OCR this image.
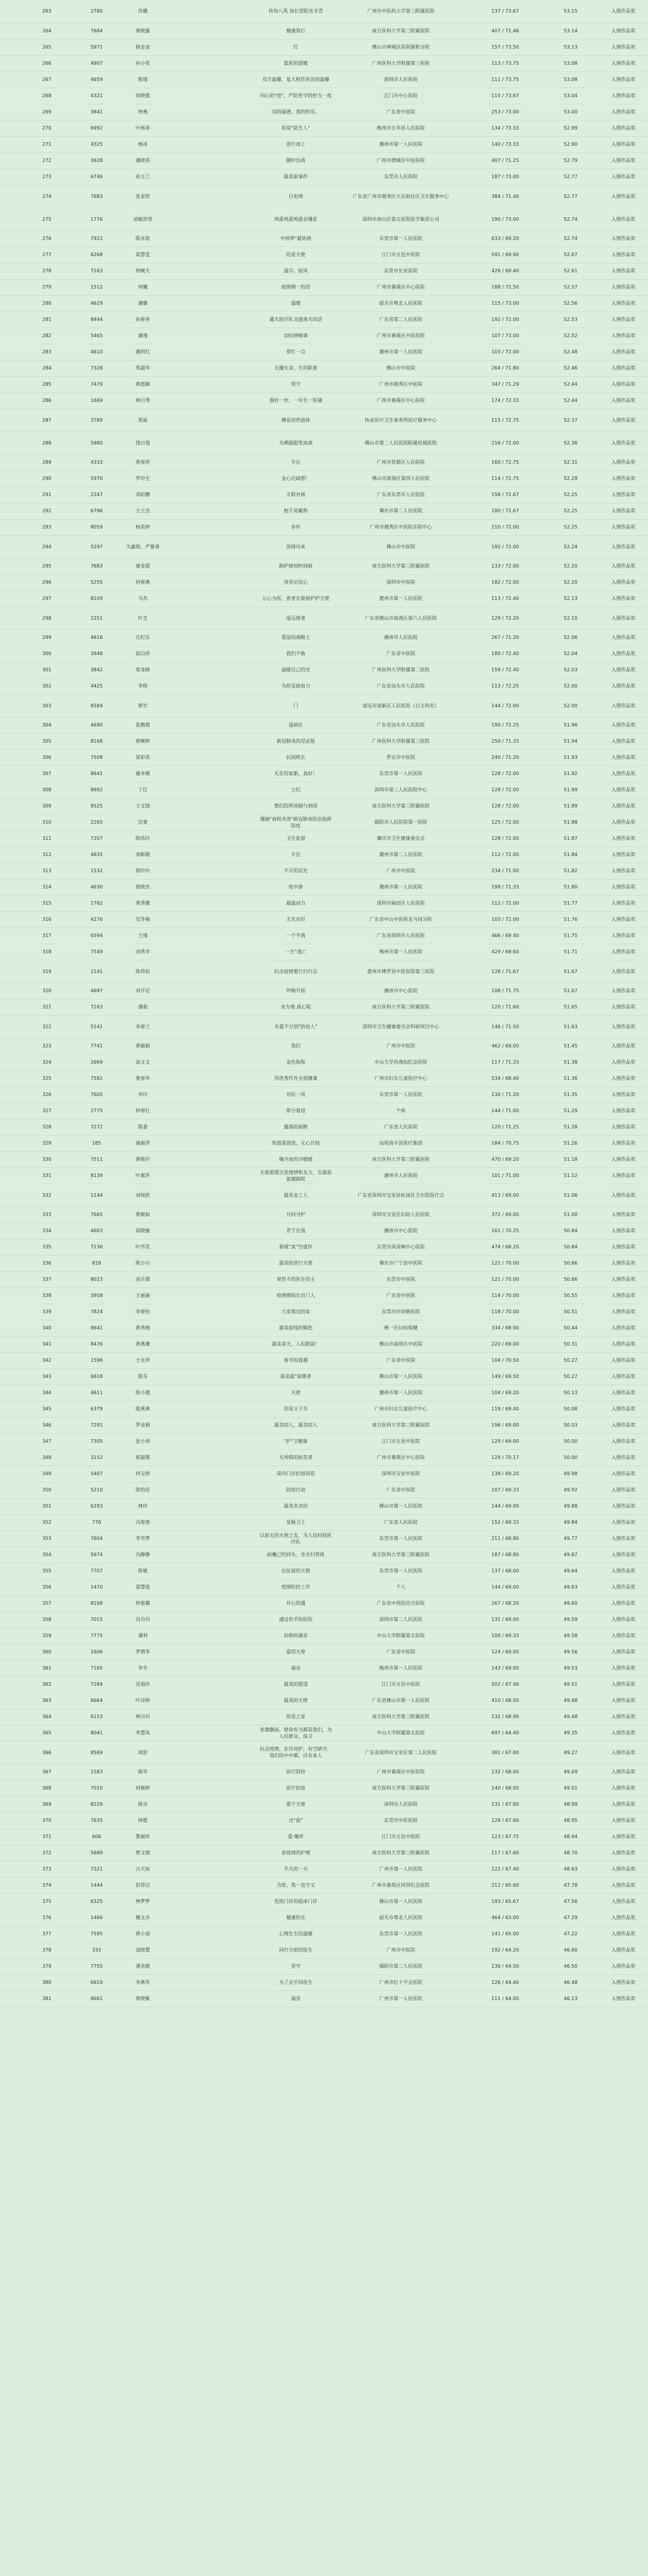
	263	2780	苏璐		传知八风 加长型阳光寺青	广州市中医药大学第三附属医院	137 / 73.67	53.15	入围作品奖
	264	7684	黄晓露		健康筑行	南方医科大学第三附属医院	407 / 71.46	53.14	入围作品奖
	265	5971	杨金金		灯	佛山市禅城区医院颐和分院	157 / 73.50	53.13	入围作品奖
	266	4907	孙小花		蓝彩的恩暖	广州医科大学附属第三医院	113 / 73.75	53.08	入围作品奖
	267	4659	陈倩		双方温馨，复大程作医治的温馨	深圳市人民医院	111 / 73.75	53.08	入围作品奖
	268	4321	何晓霞		同心的"疫"，严防死守的担当一夜	江门市中心医院	115 / 73.67	53.04	入围作品奖
	269	3641	钟燕		羽的福德，我的快乐。	广东省中医院	253 / 73.00	53.00	入围作品奖
	270	6992	叶杨菲		的是"防生人"	梅州市五华县人民医院	134 / 73.33	52.99	入围作品奖
	271	4325	杨沛		逆行而上	潮州市第一人民医院	140 / 73.33	52.90	入围作品奖
	272	3628	潘晓英		随时出战	广州市增城区中医医院	407 / 71.25	52.79	入围作品奖
	273	6746	孙玉兰		最美前事件	东莞市人民医院	187 / 73.00	52.77	入围作品奖
	274	7683	张家欣		白电网	广东省广州市越秀区大东街社区卫生服务中心	384 / 71.40	52.77	入围作品奖
	275	1776	刘敏洪胃		鸡蛋鸡蛋鸡蛋会爆浆	深圳市南山区第五医院医学集团公司	190 / 73.00	52.74	入围作品奖
	276	7922	陈永锐		中国率"最协措	东莞市第一人民医院	633 / 69.20	52.74	入围作品奖
	277	6268	梁慧雯		的是天使	江门市五邑中医院	591 / 69.90	52.67	入围作品奖
	278	7163	钟婉夫		温尽，贴风	东莞市长安医院	426 / 69.40	52.61	入围作品奖
	279	1512	何曦		疫情期一的话	广州市番禺区中心医院	188 / 72.50	52.57	入围作品奖
	280	4629	潘璐		温暖	韶关市粤北人民医院	115 / 73.00	52.56	入围作品奖
	281	8444	孙春香		属夫医疗队支援离关的话	广东省第二人民医院	192 / 72.00	52.53	入围作品奖
	282	5465	潘漫		切抗情畅事	广州市番禺区中医医院	107 / 73.00	52.52	入围作品奖
	283	4610	董阿红		帮忙一点	潮州市第一人民医院	103 / 72.00	52.48	入围作品奖
	284	7328	郑淑华		无播生命，生的职着	佛山市中医院	264 / 71.80	52.46	入围作品奖
	285	7479	黄惠颖		坚守	广州市越秀区中医院	347 / 71.29	52.44	入围作品奖
	286	1669	林日秀		墨好一好，一年生一医铺	广州市番禺区中心医院	174 / 72.33	52.44	入围作品奖
	287	3789	郑丽		佛是坦然面体	执业医疗卫生事务所医疗服务中心	115 / 72.75	52.37	入围作品奖
	288	5980	钱日强		关晒最慰笑而战	佛山市第二人民医院附属桂城医院	216 / 72.00	52.36	入围作品奖
	289	4333	黄春萍		专注	广州市花都区人民医院	160 / 72.75	52.31	入围作品奖
	290	5970	罗玲生		金心还疏想！	佛山市南海区第四人民医院	114 / 72.75	52.29	入围作品奖
	291	2247	邓昭鹏		关联并画	广东省东莞市人民医院	158 / 72.67	52.25	入围作品奖
	292	6796	王立杰		抱不是霸称	肇庆市第二人民医院	180 / 72.67	52.25	入围作品奖
	293	8059	杨英婷		赤朴	广州市越秀区中医院东院中心	210 / 72.00	52.25	入围作品奖
	294	5297	关鑫锐、严慕者		滨锋功来	佛山市中医院	192 / 72.00	52.24	入围作品奖
	295	7683	康金霞		陈护坡初时间暗	南方医科大学第三附属医院	133 / 72.00	52.20	入围作品奖
	296	5255	何春燕		用坚定信心	深圳市中医院	182 / 72.00	52.20	入围作品奖
	297	8109	马杰		公心为医，患者在就视护护天使	惠州市第一人民医院	113 / 72.40	52.13	入围作品奖
	298	2251	叶芝		遥远使者	广东省佛山市南海区第六人民医院	129 / 72.20	52.10	入围作品奖
	299	4616	庄纪乐		重显的战略士	潮州市人民医院	267 / 71.20	52.06	入围作品奖
	300	3948	邱自珍		我们不换	广东省中医院	180 / 72.40	52.04	入围作品奖
	301	3842	郑龙峰		温暖自己的光	广州医科大学附属第二医院	159 / 72.40	52.03	入围作品奖
	302	4425	李程		为你星拔而力	广东省汕头市人民医院	113 / 72.25	52.00	入围作品奖
	303	8584	蔡竹		门	清远市清新区人民医院（自主科室）	144 / 72.00	52.00	入围作品奖
	304	4690	张楷霞		遥病区	广东省汕头市人民医院	190 / 72.25	51.96	入围作品奖
	305	8168	蔡婉婷		新冠肺炎的见证报	广州医科大学附属第三医院	250 / 71.33	51.94	入围作品奖
	306	7508	梁彩英		抗国班长	罗定市中医院	240 / 71.20	51.93	入围作品奖
	307	8641	谢本暖		无在的家新，真好！	东莞市第一人民医院	128 / 72.00	51.92	入围作品奖
	308	8692	丁红		立纪	深圳市第三人民医院中心	129 / 72.00	51.89	入围作品奖
	309	8525	王文锋		想们的所进制与到现	南方医科大学第三附属医院	128 / 72.00	51.89	入围作品奖
	310	2265	沈蒙		慢遍"南程吝洛"新冠肺炎防治指挥防疫	揭阳市人民医院第一医院	125 / 72.00	51.88	入围作品奖
	311	7207	陈伟玲		卫生监督	肇庆市卫生健康委员会	128 / 72.00	51.87	入围作品奖
	312	4635	刘新媛		专注	潮州市第二人民医院	112 / 72.00	51.84	入围作品奖
	313	1532	郭玲玲		不灭的信光	广州市中医院	234 / 71.00	51.82	入围作品奖
	314	4630	詹晓杰		疫中泰	潮州市第一人民医院	199 / 71.33	51.80	入围作品奖
	315	1762	黄秀娥		最温动力	深圳市福田区人民医院	112 / 72.00	51.77	入围作品奖
	316	4276	吴冬梅		无先功臣	广东省中山中医院龙马冈分院	103 / 72.00	51.76	入围作品奖
	317	6594	王瑾		一个不离	广东省深圳市人民医院	466 / 69.40	51.75	入围作品奖
	318	7549	刘秀华		一生"逃亡	梅州市第一人民医院	429 / 69.60	51.71	入围作品奖
	319	2141	陈伟杭		抗击疫情要行归行态	惠州市博罗县中医医院第三医院	126 / 71.67	51.67	入围作品奖
	320	4697	刘开尼		坪梅开始	潮州市中心医院	108 / 71.75	51.67	入围作品奖
	321	7163	潘毅		求为地 战心阻	南方医科大学第三附属医院	120 / 71.60	51.65	入围作品奖
	322	5141	李春兰		有爱不分别"防疫人"	深圳市卫生健康委员会科研项目中心	146 / 71.50	51.63	入围作品奖
	323	7741	黄敏娟		我们	广州市中医院	462 / 69.00	51.45	入围作品奖
	324	2669	高文文		金色取和	中山大学孙逸仙纪念医院	117 / 71.33	51.38	入围作品奖
	325	7582	曹春华		用优秀代外全面健康	广州市妇女儿童医疗中心	534 / 68.40	51.36	入围作品奖
	326	7605	李玲		对抗一风	东莞市第一人民医院	130 / 71.20	51.35	入围作品奖
	327	2775	钟春红		即分着迎	个体	144 / 71.00	51.29	入围作品奖
	328	7272	陈嘉		露落的面框	广东省人民医院	120 / 71.25	51.28	入围作品奖
	329	185	康丽萍		知道重迎思，无心开始	汕尾海丰县医疗集团	184 / 70.75	51.26	入围作品奖
	330	7511	黄筱玲		爆冷冰的冷暖暖	南方医科大学第三附属医院	470 / 69.20	51.18	入围作品奖
	331	8139	叶素洪		无那那图吉是缘情和友力，至最前前越路院	潮州市人民医院	101 / 71.00	51.12	入围作品奖
	332	1144	刘悦欣		最美金工人	广东省深圳市宝安县松岗区卫生院医疗点	413 / 69.00	51.06	入围作品奖
	333	7665	黄敏如		共同寻护	深圳市宝安区妇幼人民医院	372 / 69.00	51.00	入围作品奖
	334	4603	邱晓敏		青于在线	潮州市中心医院	161 / 70.25	50.84	入围作品奖
	335	7136	叶雪花		新就"真"空虚作	东莞市凤岗镇中心医院	474 / 68.20	50.84	入围作品奖
	336	818	陈小川		最美的逆行天使	肇庆市广宁县中医院	121 / 70.00	50.66	入围作品奖
	337	8023	刘月霞		果然不的医生的主	东莞市中医院	121 / 70.00	50.66	入围作品奖
	338	3958	王丽丽		疫情期间长出门人	广东省中医院	114 / 70.00	50.55	入围作品奖
	339	7824	李春怡		大家那边的家	东莞市沙田镇医院	118 / 70.00	50.51	入围作品奖
	340	8641	黄秀梅		最美前线的辑色	佛一区妇幼保健	334 / 68.90	50.44	入围作品奖
	341	8476	黄燕珊		最美美天，人民眼前！	佛山市高明区中医院	220 / 69.00	50.31	入围作品奖
	342	1596	王永祥		春节的我越	广东省中医院	104 / 70.50	50.27	入围作品奖
	343	6618	陈芬		最美最"前辖者	佛山市第一人民医院	149 / 69.50	50.27	入围作品奖
	344	4611	陈小霞		天使	潮州市第一人民医院	104 / 69.20	50.13	入围作品奖
	345	6379	陈燕燕		的是父子兵	广州市妇女儿童医疗中心	119 / 69.40	50.08	入围作品奖
	346	7291	罗金娟		最美的人，最美的人	南方医科大学第三附属医院	196 / 69.00	50.03	入围作品奖
	347	7305	张小涛		"护"卫健康	江门市五邑中医院	129 / 69.00	50.00	入围作品奖
	348	3152	郭淑霞		无所惧的拓荒者	广州市番禺区中心医院	129 / 70.17	50.00	入围作品奖
	349	5407	何宝婷		深内门诊抗疫的花	深圳市宝安中医院	139 / 69.20	49.98	入围作品奖
	350	5210	陈怡佳		防疫行动	广东省中医院	107 / 69.33	49.92	入围作品奖
	351	6293	林珍		最美名名的	佛山市第一人民医院	144 / 69.00	49.88	入围作品奖
	352	776	冯蓉蓉		星脉卫士	广东省人民医院	152 / 69.33	49.84	入围作品奖
	353	7604	李雪梦		以前无的天使之友，为人民时间医疗队	东莞市第一人民医院	211 / 68.80	49.77	入围作品奖
	354	5674	冯静静		病魔已经回头，坐坐归营体	南方医科大学第三附属医院	187 / 68.80	49.67	入围作品奖
	355	7707	陈敏		出征前的天使	东莞市第一人民医院	137 / 68.00	49.64	入围作品奖
	356	1470	梁慧莲		疫情防控工作	个人	144 / 69.00	49.63	入围作品奖
	357	8168	钟嘉璐		并心的遗	广东省中西医结合医院	267 / 68.20	49.60	入围作品奖
	358	7015	肖丹丹		通过你手的医院	深圳市第二人民医院	131 / 69.00	49.59	入围作品奖
	359	7775	潘利		的相的调音	中山大学附属第五医院	100 / 69.33	49.58	入围作品奖
	360	1606	罗碧华		爱的天使	广东省中医院	124 / 69.00	49.56	入围作品奖
	361	7165	李冬		福音	梅州市第一人民医院	143 / 69.00	49.53	入围作品奖
	362	7284	吴海珍		最美的愿望	江门市五邑中医院	502 / 67.40	49.51	入围作品奖
	363	6664	叶诗婷		最美的天使	广东省佛山市第一人民医院	410 / 68.00	49.48	入围作品奖
	364	6153	林丹丹		的是之家	南方医科大学第三附属医院	132 / 68.90	49.48	入围作品奖
	365	8041	李慧凤		党旗飘扬，使命有当都是我们，为人民群众、保卫	中山大学附属第五医院	697 / 64.40	49.35	入围作品奖
	366	8569	周舒		抗击疫情，在许何护，有空缺守，我们的中中都，还有来人	广东省深圳市宝安区第二人民医院	381 / 67.80	49.27	入围作品奖
	367	1583	陈华		医疗防控	广州市番禺区中医医院	132 / 68.00	49.09	入围作品奖
	368	7010	何颖婷		医疗抗疫	南方医科大学第三附属医院	140 / 68.00	49.01	入围作品奖
	369	8229	陈卓		那个天使	深圳市人民医院	131 / 67.80	48.99	入围作品奖
	370	7635	钟惠		出"前"	东莞市中医医院	129 / 67.60	48.95	入围作品奖
	371	606	黎丽珍		爱·爆炸	江门市五邑中医院	123 / 67.75	48.94	入围作品奖
	372	5689	曾文倩		家疫情的护理	南方医科大学第三附属医院	117 / 67.60	48.70	入围作品奖
	373	7321	古天如		平凡的一天	广州市第一人民医院	122 / 67.40	48.63	入围作品奖
	374	1444	彭萍汉		为您，我一直守义	广州市番禺区何贤纪念医院	212 / 65.60	47.78	入围作品奖
	375	6325	林梦梦		发热门诊的临床门诊	佛山市第一人民医院	193 / 65.67	47.56	入围作品奖
	376	1466	檀文亦		健康快乐	韶关市粤北人民医院	464 / 63.00	47.29	入围作品奖
	377	7595	黄小清		心理生生的温暖	东莞市第一人民医院	141 / 65.00	47.22	入围作品奖
	378	333	凌晓慧		同行合宿的医生	广州市中医院	192 / 64.20	46.60	入围作品奖
	379	7755	潘美媛		坚守	揭阳市第二人民医院	130 / 64.50	46.50	入围作品奖
	380	6619	李燕华		为了会平同医生	广州市红十字会医院	126 / 64.40	46.48	入围作品奖
	381	8661	黄晓姬		福音	广州市第一人民医院	111 / 64.00	46.13	入围作品奖
